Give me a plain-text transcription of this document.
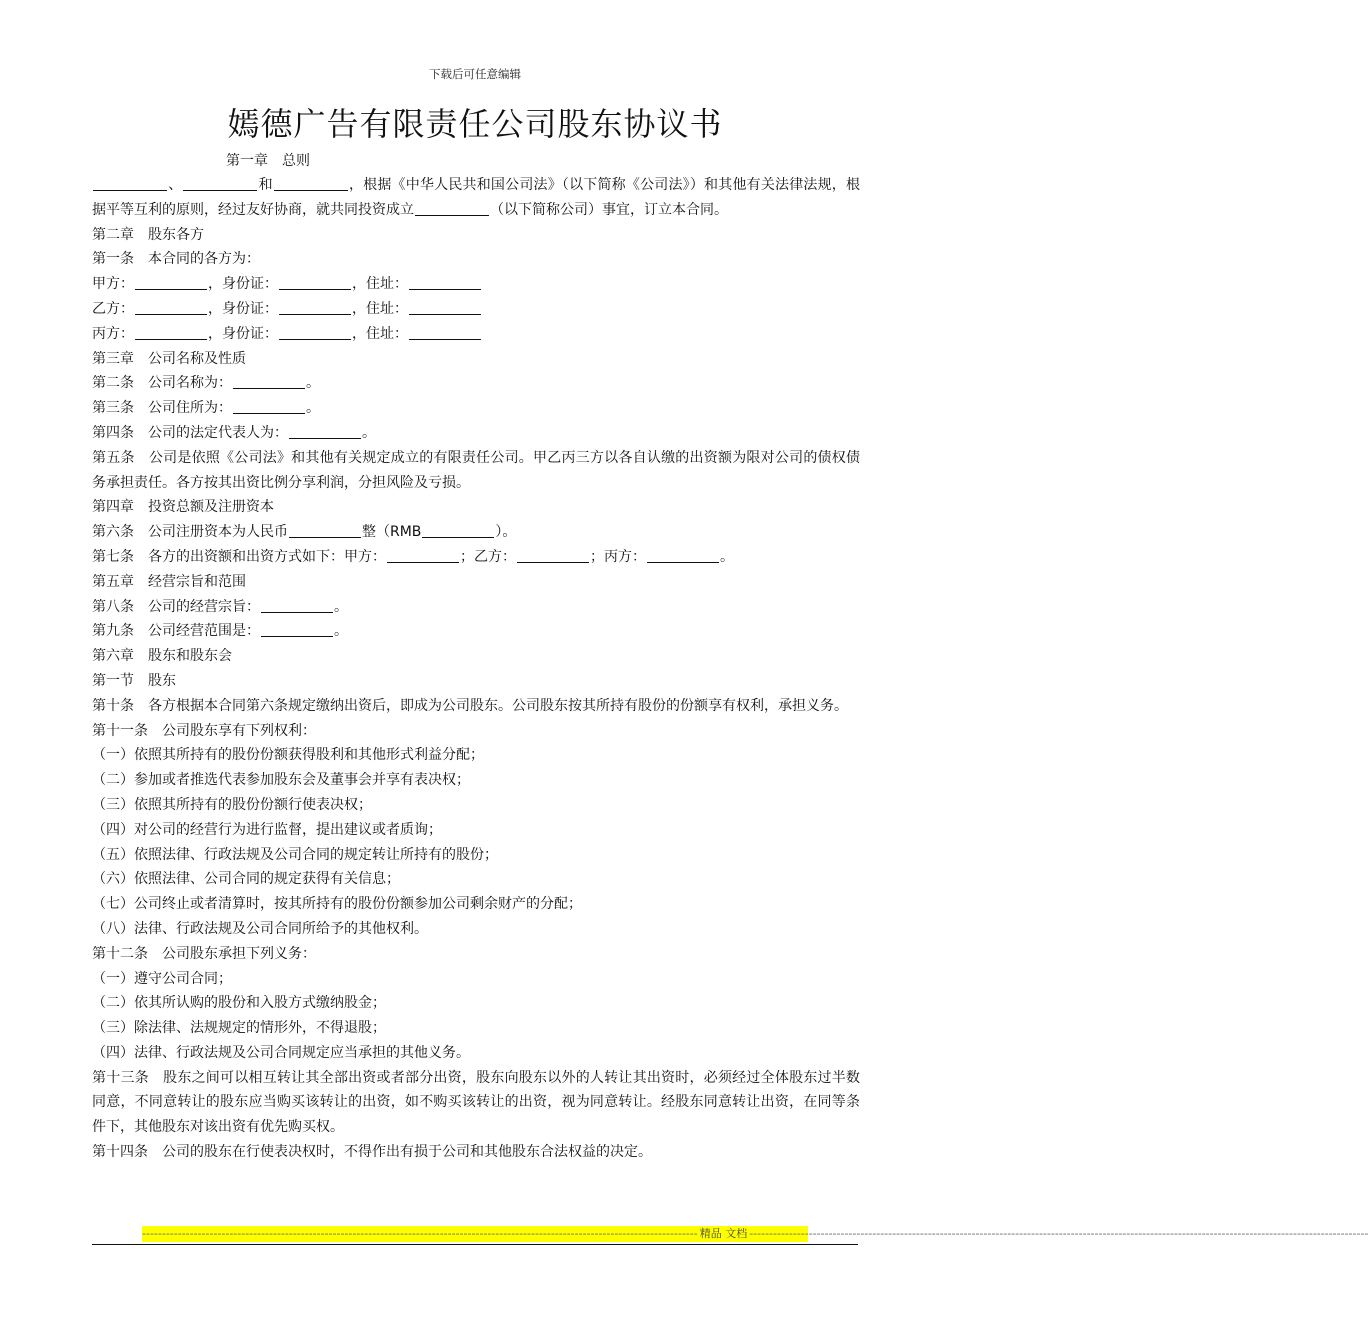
下载后可任意编辑
嫣德广告有限责任公司股东协议书
第一章 总则

、	和	，根据《中华人民共和国公司法》（以下简称《公司法》）和其他有关法律法规，根据平等互利的原则，经过友好协商，就共同投资成立	（以下简称公司）事宜，订立本合同。

第二章 股东各方

第一条 本合同的各方为：

甲方：	，身份证：	，住址：

乙方：	，身份证：	，住址：

丙方：	，身份证：	，住址：

第三章 公司名称及性质

第二条 公司名称为：	。

第三条 公司住所为：	。

第四条 公司的法定代表人为：	。

第五条 公司是依照《公司法》和其他有关规定成立的有限责任公司。甲乙丙三方以各自认缴的出资额为限对公司的债权债务承担责任。各方按其出资比例分享利润，分担风险及亏损。

第四章 投资总额及注册资本

第六条 公司注册资本为人民币	整（RMB	）。

第七条 各方的出资额和出资方式如下：甲方：	；乙方：	；丙方：	。

第五章 经营宗旨和范围

第八条 公司的经营宗旨：	。

第九条 公司经营范围是：	。

第六章 股东和股东会

第一节 股东

第十条 各方根据本合同第六条规定缴纳出资后，即成为公司股东。公司股东按其所持有股份的份额享有权利，承担义务。

第十一条 公司股东享有下列权利：

（一）依照其所持有的股份份额获得股利和其他形式利益分配；

（二）参加或者推选代表参加股东会及董事会并享有表决权；

（三）依照其所持有的股份份额行使表决权；

（四）对公司的经营行为进行监督，提出建议或者质询；

（五）依照法律、行政法规及公司合同的规定转让所持有的股份；

（六）依照法律、公司合同的规定获得有关信息；

（七）公司终止或者清算时，按其所持有的股份份额参加公司剩余财产的分配；

（八）法律、行政法规及公司合同所给予的其他权利。

第十二条 公司股东承担下列义务：

（一）遵守公司合同；

（二）依其所认购的股份和入股方式缴纳股金；

（三）除法律、法规规定的情形外，不得退股；

（四）法律、行政法规及公司合同规定应当承担的其他义务。

第十三条 股东之间可以相互转让其全部出资或者部分出资，股东向股东以外的人转让其出资时，必须经过全体股东过半数同意，不同意转让的股东应当购买该转让的出资，如不购买该转让的出资，视为同意转让。经股东同意转让出资，在同等条件下，其他股东对该出资有优先购买权。

第十四条 公司的股东在行使表决权时，不得作出有损于公司和其他股东合法权益的决定。

-------------------------------------------------------------------------------------------------------------------------------------------- 精品 文档 ------------------------------------------------------------------------------------------------------------------------------------------------------------
